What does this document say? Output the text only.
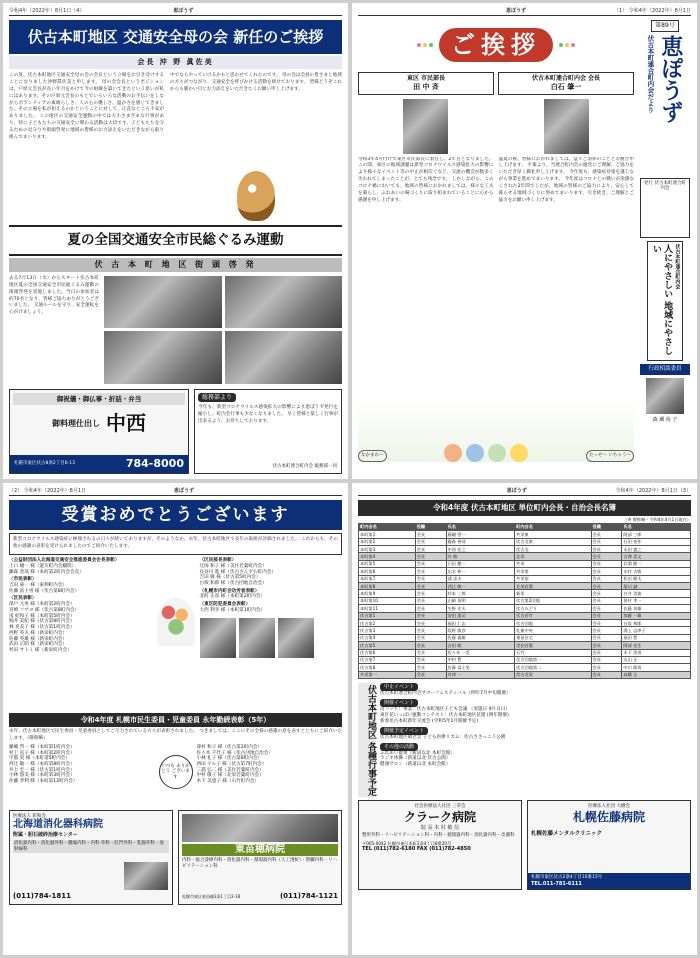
令和4年（2022年）8月1日（4）	恵ぽうず
伏古本町地区 交通安全母の会 新任のご挨拶
会長 沖 野 眞佐美
この度、伏古本町地区交通安全母の会の会長という立場をお引き受けすることになりました沖野眞佐美と申します。 母の会会長というポジションは、戸原元会長が長い年月をかけて今の組織を築いてきたという思いが私にはあります。その戸原元会長のもとでいろいろな活動のお手伝いをしながらボランティアの素晴らしさ、人の心の優しさ、温かさを感じてきました。その立場を私が担えるのかということに対して、正直なところ不安がありました。 この地区の交通安全運動の中では大小さまざまな行事があり、特に子どもたちの交通安全に関わる活動は大切です。子どもたちを守るための見守りや街頭啓発に地域の皆様のお力添えをいただきながら取り組んでまいります。
中でならやっていけるかもと思わせてくれたのです。 母の会は会員の皆さまと地域の方々がつながり、交通安全を呼びかける活動を続けております。 皆様どうぞこれからも暖かい目とお力添えをいただきたくお願い申し上げます。
夏の全国交通安全市民総ぐるみ運動
伏 古 本 町 地 区 街 頭 啓 発
去る7月13日（水）からスタート伏古本町地区夏の全国交通安全市民総ぐるみ運動の街頭啓発を実施しました。当日の参加者は約70名となり、皆様ご協力ありがとうございました。 交通ルールを守り、安全運転を心がけましょう。
御祝儀・御仏事・折詰・弁当
御料理仕出し 中西
札幌市東区伏古8条2丁目6-13	784-8000
総務部より
今年も、新型コロナウイルス感染拡大の影響により恵ぽうず発行を縮小し、町内会行事も少なくなりました。 早く皆様と楽しく行事が出来るよう、お待ちしております。
伏古本町連合町内会 総務部一同
恵ぽうず	（1） 令和4年（2022年）8月1日
ご挨拶
東区 市民部長
田 中 斉
伏古本町連合町内会 会長
白石 肇一
令和3年4月付けで東区市民部長に着任し、2年目となりました。 この間、東区の地域課題は新型コロナウイルス感染拡大の影響により様々なイベント等の中止が相次ぐなど、交流の機会が数多く失われてしまったことが、とても残念です。 しかしながら、このコロナ禍においても、地域の皆様におかれましては、様々な工夫を凝らし、ふれあいの場づくりに取り組まれていることに心から感謝を申し上げます。
盛夏の候、皆様におかれましては、益々ご清祥のこととお慶び申し上げます。 平素より、当連合町内会の運営にご理解、ご協力をいただき厚く御礼申し上げます。 今年度も、感染症対策を講じながら事業を進めてまいります。 今年度はコロナとの戦いが余儀なくされた2年間でしたが、地域の皆様のご協力により、安心して暮らせる地域づくりに努めてまいります。引き続き、ご理解とご協力をお願い申し上げます。
なかまわ〜	たっせ〜 いちゃう〜
第89号
伏古本町連合町内会だより 恵ぽうず
発行 伏古本町連合町内会
人にやさしい 地域にやさしい	伏古本町連合町内会
行政相談委員
森 瀬 裕 子
（2） 令和4年（2022年）8月1日	恵ぽうず
受賞おめでとうございます
新型コロナウイルス感染症に極端されるの日々が続いてありますが、そのようなか、永年、伏古本町地区で長年の取組が評価されました。 これからも、その他の感謝の表彰を受けられましたのでご紹介いたします。
〈公益財団法人北海道交通安全推進委員会会長表彰〉
上口 順一 様（遊友町内会顧問）
藤森 善哉 様（本町第2町内会会長）
〈市民表彰〉
吉田 豪一 様（東伸町内会）
佐藤 富士男 様（伏古第8町内会）
〈区民表彰〉
澤戸 元男 様（本町第2町内会）
宮崎 フサヨ 様（伏古第8町内会）
南 紀和子 様（本町第5町内会）
堀井 美紀 様（伏古第8町内会）
林 喜美子 様（伏古第1町内会）
西野 英夫 様（新栄町内会）
佐藤 英雄 様（新栄町内会）
武田 正昭 様（新栄町内会）
村田 サトミ 様（新栄町内会）
〈区民部長表彰〉
辻岡 和子 様（美住若葉町内会）
長谷川 進 様（伏古さんずち町内会）
吉田 敏 様（伏古第5町内会）
白坂 和郎 様（伏古団地自治会）
〈札幌市内町会功労者表彰〉
北町 正彦 様（本町第2町内会）
〈東区防犯委員会表彰〉
大西 利幸 様（本町第1町内会）
令和4年度 札幌市民生委員・児童委員 永年勤続表彰（5年）
永年、伏古本町地区で民生委員・児童委員としてご尽力されている方々が表彰されました。 つきましては、ここにその全様の感謝の意を表すとともにご紹介いたします。（敬称略）
藤縄 啓一 様（本町第1町内会）
村上 直子 様（本町第2町内会）
宇都 実 様（本町第5町内会）
西辻 敏一 様（本町第8町内会）
井上 宏一 様（伏古第1町内会）
小林 悠美 様（本町第3町内会）
佐藤 孝利 様（本町第12町内会）
いつも ありがとう ございます
澤村 和子 様（伏古第2町内会）
佐々木 千代子 様（伏古団地自治会）
小林 礼子 様（伏古第8町内会）
西田 テル子 様（伏古第7町内会）
三浦 弘二 様（美住若葉町内会）
中村 敬子 様（北栄若葉町内会）
木下 美恵子 様（石竹町内会）
医療法人 彰和会
北海道消化器科病院
附属・胆石破砕治療センター
消化器内科・消化器外科・腫瘍内科・内科 外科・肛門外科・乳腺外科・放射線科
(011)784-1811
東苗穂病院
内科・総合診療内科・消化器内科・循環器内科（人工透析）・腎臓内科・リハビリテーション科
札幌市東区東苗穂3条1丁目2-18	(011)784-1121
恵ぽうず	令和4年（2022年）8月1日（3）
令和4年度 伏古本町地区 単位町内会長・自治会長名簿
（※ 敬称略・令和4年4月1日現在）
町内会名	役職	氏名	町内会名	役職	氏名
本町第1	会長	藤縄 啓一	共栄東	会長	阿部 三郎
本町第2	会長	藤森 善哉	伏古北東	会長	石田 充作
本町第3	会長	中西 宏之	伏古北	会長	永田 憲之
本町第4	会長	丹 敏	北栄	会長	吉澤 喜文
本町第5	会長	石田 慶一	共栄	会長	岩淵 健一
本町第6	会長	出水 伸一	共栄第	会長	木村 吉敏
本町第7	会長	浦 忠夫	共栄南	会長	松田 健太
本町第8	会長	西辻 敏一	北栄若葉	会長	菊川 誠
本町第9	会長	村本 三郎	新栄	会長	白井 美徳
本町第10	会長	山崎 英明	伏古第2団地	会長	笹村 幸一
本町第11	会長	矢野 光夫	伏古みどり	会長	佐藤 英雄
伏古第1	会長	安田 達司	伏古若竹	会長	加藤 一雄
伏古第2	会長	福田 仁志	伏古団地	会長	白坂 和郎
伏古第3	会長	坂野 敏彦	札東中央	会長	淵上 志津子
伏古第4	会長	佐藤 義雄	東苗住宅	会長	福田 豊
伏古第5	会長	吉田 敏	美住若葉	会長	阿部 光生
伏古第6	会長	佐々木 一美	石竹	会長	木下 茂男
伏古第7	会長	中村 豊	伏古団地第一	会長	丸山 正
伏古第8	会長	佐藤 富士男	伏古団地第二	会長	中川 勝男
共栄第一	会長	舟津 一	伏古北栄	会長	高橋 正
伏古本町地区 各種行事予定	中止イベント
伏古本町連合町内会サマーフェスティバル（例年7月中旬開催）
開催イベント
司ハッち！事業：伏古本町地区子ども会議 （実施日 9月日日）
東区花いっぱい運動コンテスト：伏古本町地区花壇 (例年開催)
新春伏古本町新年交流会 (令和5年1月開催予定)
開催予定イベント
伏古本町地区敬老会 子ども医療リズム：伏古ささっこう公園
その他の活動
ふれあい農菜（新道以北 本町会館）
ラジオ体操（新道以北 伏古公園）
健康サロン（新道以北 本町会館）
社会医療法人社団 三草会
クラーク病院
院 長 木 村 敏 信
整形外科・リハビリテーション科・内科・循環器内科・消化器内科・皮膚科
〒065-0042 札幌市東区本町2条4丁目8番20号
TEL (011)782-6180 FAX (011)782-4850
医療法人社団 大樹会
札幌佐藤病院
札幌佐藤メンタルクリニック
札幌市東区伏古2条4丁目10番15号
TEL.011-781-6111
